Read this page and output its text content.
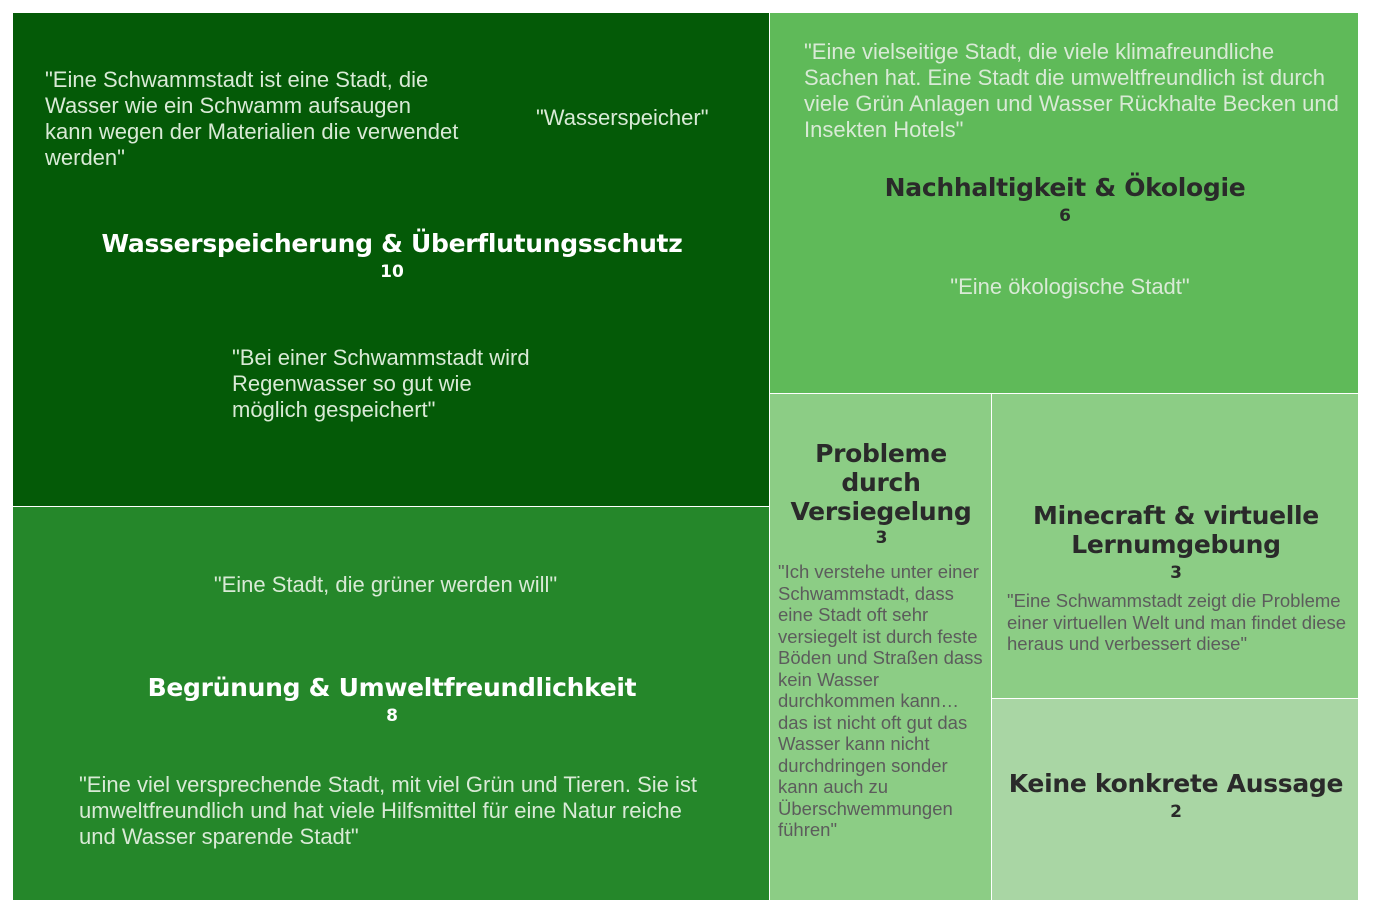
"Eine Schwammstadt ist eine Stadt, die Wasser wie ein Schwamm aufsaugen kann wegen der Materialien die verwendet werden"
"Wasserspeicher"
Wasserspeicherung & Überflutungsschutz
10
"Bei einer Schwammstadt wird Regenwasser so gut wie möglich gespeichert"
"Eine Stadt, die grüner werden will"
Begrünung & Umweltfreundlichkeit
8
"Eine viel versprechende Stadt, mit viel Grün und Tieren. Sie ist umweltfreundlich und hat viele Hilfsmittel für eine Natur reiche und Wasser sparende Stadt"
"Eine vielseitige Stadt, die viele klimafreundliche Sachen hat. Eine Stadt die umweltfreundlich ist durch viele Grün Anlagen und Wasser Rückhalte Becken und Insekten Hotels"
Nachhaltigkeit & Ökologie
6
"Eine ökologische Stadt"
Probleme durch Versiegelung
3
"Ich verstehe unter einer Schwammstadt, dass eine Stadt oft sehr versiegelt ist durch feste Böden und Straßen dass kein Wasser durchkommen kann…das ist nicht oft gut das Wasser kann nicht durchdringen sonder kann auch zu Überschwemmungen führen"
Minecraft & virtuelle Lernumgebung
3
"Eine Schwammstadt zeigt die Probleme einer virtuellen Welt und man findet diese heraus und verbessert diese"
Keine konkrete Aussage
2
